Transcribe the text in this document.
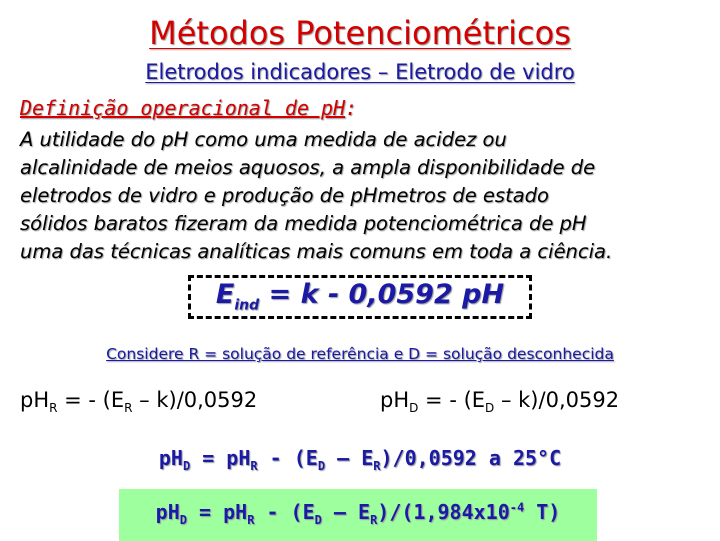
Métodos Potenciométricos
Eletrodos indicadores – Eletrodo de vidro
Definição operacional de pH:
A utilidade do pH como uma medida de acidez ou
alcalinidade de meios aquosos, a ampla disponibilidade de
eletrodos de vidro e produção de pHmetros de estado
sólidos baratos fizeram da medida potenciométrica de pH
uma das técnicas analíticas mais comuns em toda a ciência.
$E_{ind} = k - 0,0592$ pH
Considere R = solução de referência e D = solução desconhecida
$pH_R$ = - $(E_R - k)/0,0592$	$pH_D$ = - $(E_D - k)/0,0592$
$pH_D = pH_R - (E_D - E_R)/0,0592$ a 25°C
$pH_D = pH_R - (E_D - E_R)/(1,984x10^{-4}$ T)
